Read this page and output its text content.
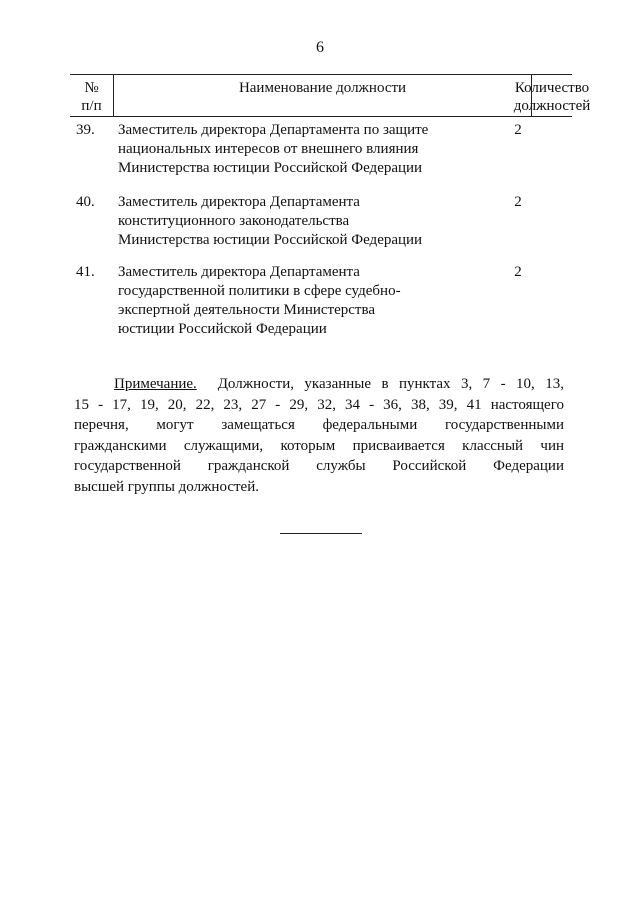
6
№
п/п
Наименование должности	Количество
должностей
39. Заместитель директора Департамента по защите
национальных интересов от внешнего влияния
Министерства юстиции Российской Федерации
2
40. Заместитель директора Департамента
конституционного законодательства
Министерства юстиции Российской Федерации
2
41. Заместитель директора Департамента
государственной политики в сфере судебно-
экспертной деятельности Министерства
юстиции Российской Федерации
2
Примечание. Должности, указанные в пунктах 3, 7 - 10, 13,
15 - 17, 19, 20, 22, 23, 27 - 29, 32, 34 - 36, 38, 39, 41 настоящего
перечня, могут замещаться федеральными государственными
гражданскими служащими, которым присваивается классный чин
государственной гражданской службы Российской Федерации
высшей группы должностей.
